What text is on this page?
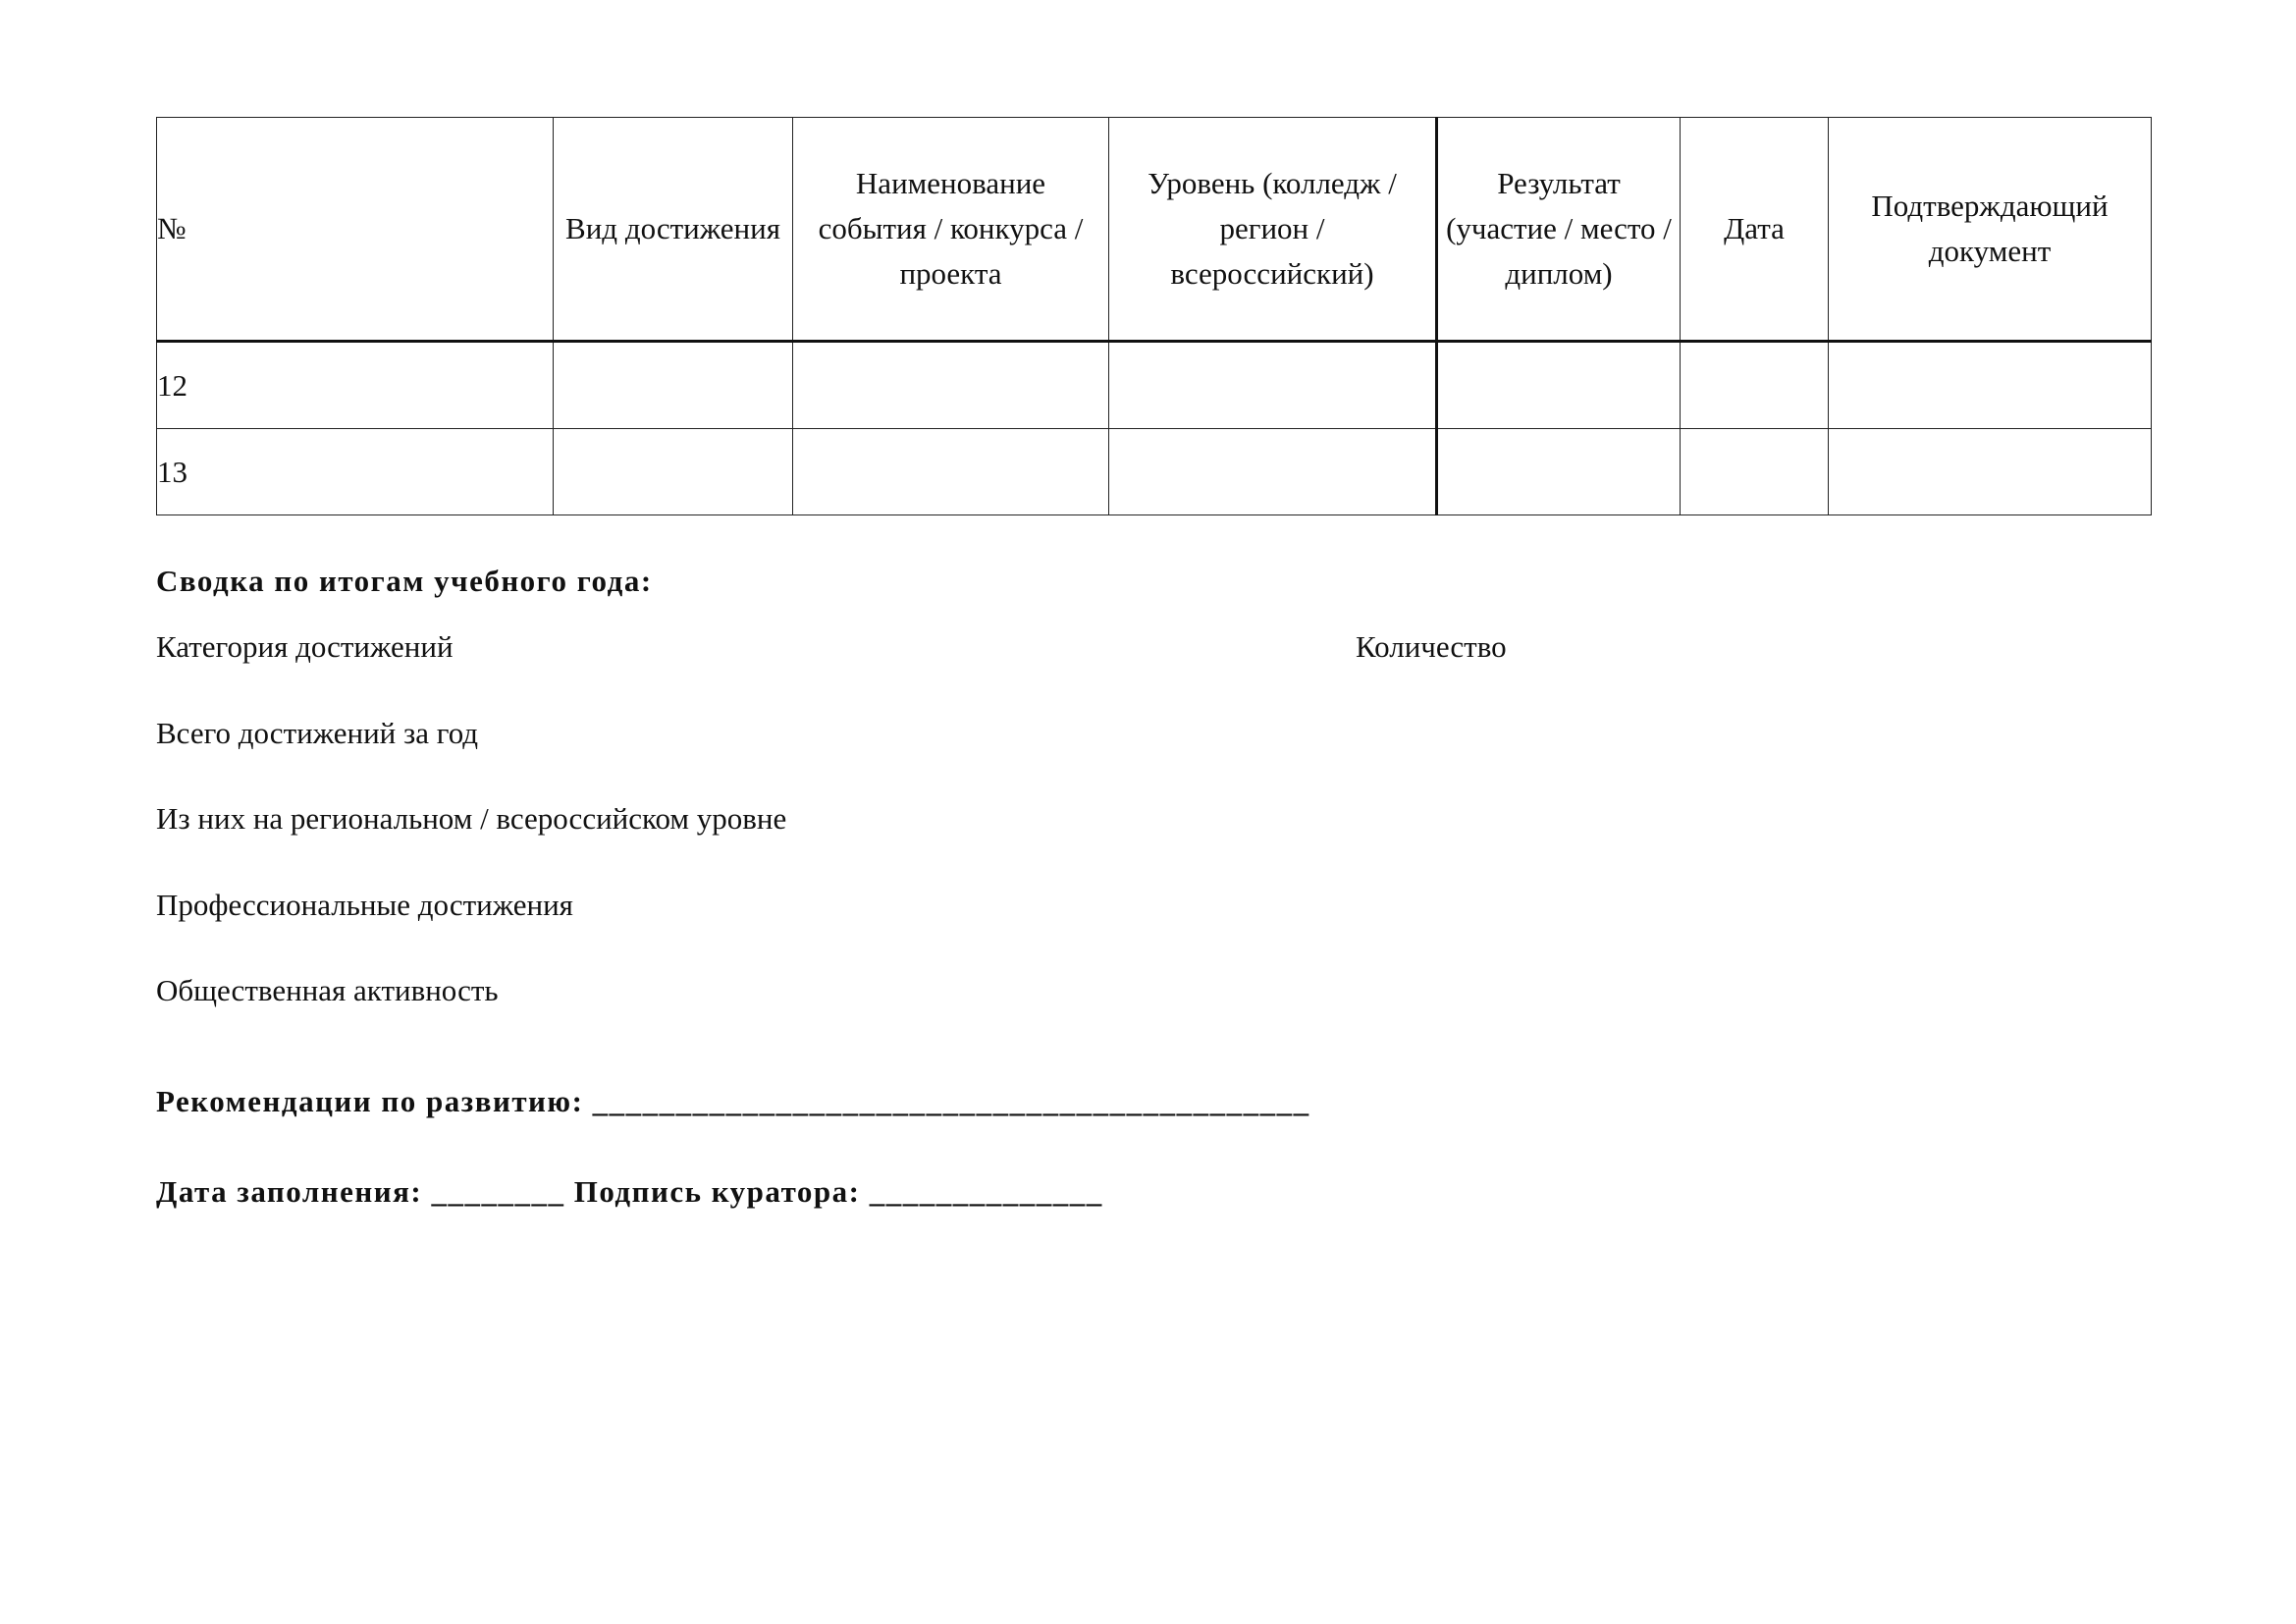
№	Вид достижения	Наименование события / конкурса / проекта	Уровень (колледж / регион / всероссийский)	Результат (участие / место / диплом)	Дата	Подтверждающий документ
12						
13						
Сводка по итогам учебного года:
Категория достижений	Количество
Всего достижений за год
Из них на региональном / всероссийском уровне
Профессиональные достижения
Общественная активность
Рекомендации по развитию: ___________________________________________
Дата заполнения: ________ Подпись куратора: ______________
